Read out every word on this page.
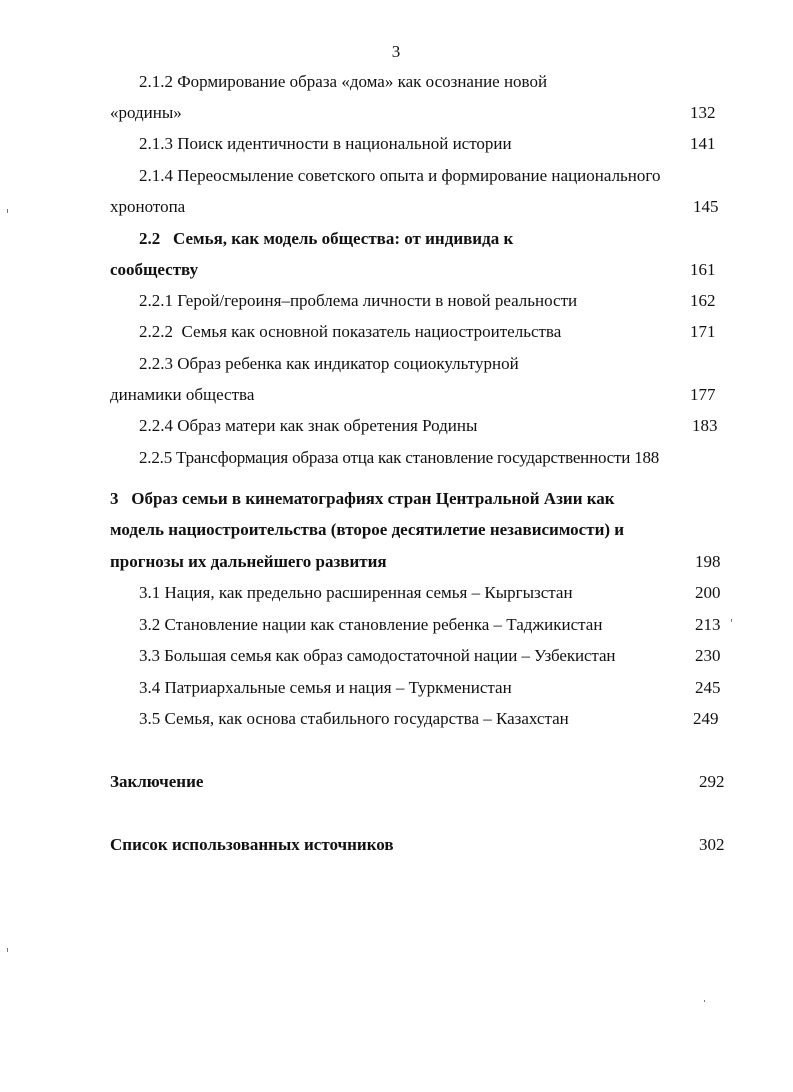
3
2.1.2 Формирование образа «дома» как осознание новой
«родины»	132
2.1.3 Поиск идентичности в национальной истории	141
2.1.4 Переосмыление советского опыта и формирование национального
хронотопа	145
2.2   Семья, как модель общества: от индивида к
сообществу	161
2.2.1 Герой/героиня–проблема личности в новой реальности	162
2.2.2  Семья как основной показатель нациостроительства	171
2.2.3 Образ ребенка как индикатор социокультурной
динамики общества	177
2.2.4 Образ матери как знак обретения Родины	183
2.2.5 Трансформация образа отца как становление государственности 188
3   Образ семьи в кинематографиях стран Центральной Азии как
модель нациостроительства (второе десятилетие независимости) и
прогнозы их дальнейшего развития	198
3.1 Нация, как предельно расширенная семья – Кыргызстан	200
3.2 Становление нации как становление ребенка – Таджикистан	213
3.3 Большая семья как образ самодостаточной нации – Узбекистан	230
3.4 Патриархальные семья и нация – Туркменистан	245
3.5 Семья, как основа стабильного государства – Казахстан	249
Заключение	292
Список использованных источников	302
